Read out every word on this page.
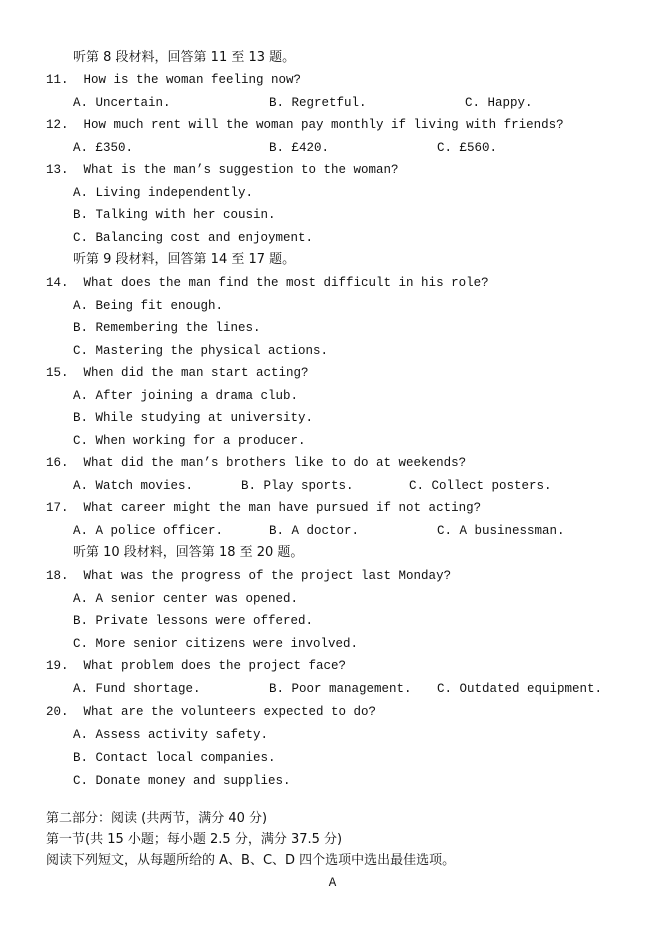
听第 8 段材料，回答第 11 至 13 题。
11.  How is the woman feeling now?
A. Uncertain.	B. Regretful.	C. Happy.
12.  How much rent will the woman pay monthly if living with friends?
A. £350.	B. £420.	C. £560.
13.  What is the man’s suggestion to the woman?
A. Living independently.
B. Talking with her cousin.
C. Balancing cost and enjoyment.
听第 9 段材料，回答第 14 至 17 题。
14.  What does the man find the most difficult in his role?
A. Being fit enough.
B. Remembering the lines.
C. Mastering the physical actions.
15.  When did the man start acting?
A. After joining a drama club.
B. While studying at university.
C. When working for a producer.
16.  What did the man’s brothers like to do at weekends?
A. Watch movies.	B. Play sports.	C. Collect posters.
17.  What career might the man have pursued if not acting?
A. A police officer.	B. A doctor.	C. A businessman.
听第 10 段材料，回答第 18 至 20 题。
18.  What was the progress of the project last Monday?
A. A senior center was opened.
B. Private lessons were offered.
C. More senior citizens were involved.
19.  What problem does the project face?
A. Fund shortage.	B. Poor management. C. Outdated equipment.
20.  What are the volunteers expected to do?
A. Assess activity safety.
B. Contact local companies.
C. Donate money and supplies.
第二部分：阅读 (共两节，满分 40 分)
第一节(共 15 小题；每小题 2.5 分，满分 37.5 分)
阅读下列短文，从每题所给的 A、B、C、D 四个选项中选出最佳选项。
A
